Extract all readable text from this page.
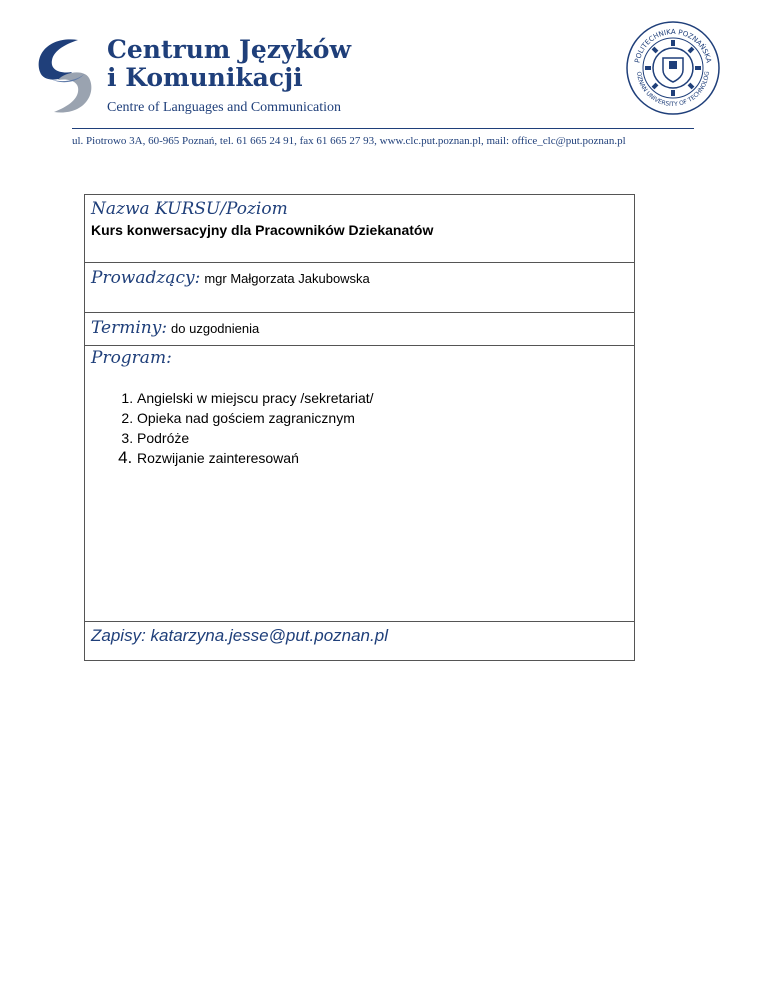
Centrum Języków
i Komunikacji
Centre of Languages and Communication
POLITECHNIKA POZNAŃSKA
OZNAN UNIVERSITY OF TECHNOLOG
ul. Piotrowo 3A, 60-965 Poznań, tel. 61 665 24 91, fax 61 665 27 93, www.clc.put.poznan.pl, mail: office_clc@put.poznan.pl
Nazwa KURSU/Poziom
Kurs konwersacyjny dla Pracowników Dziekanatów
Prowadzący: mgr Małgorzata Jakubowska
Terminy: do uzgodnienia
Program:
1. Angielski w miejscu pracy /sekretariat/
2. Opieka nad gościem zagranicznym
3. Podróże
4. Rozwijanie zainteresowań
Zapisy: katarzyna.jesse@put.poznan.pl
